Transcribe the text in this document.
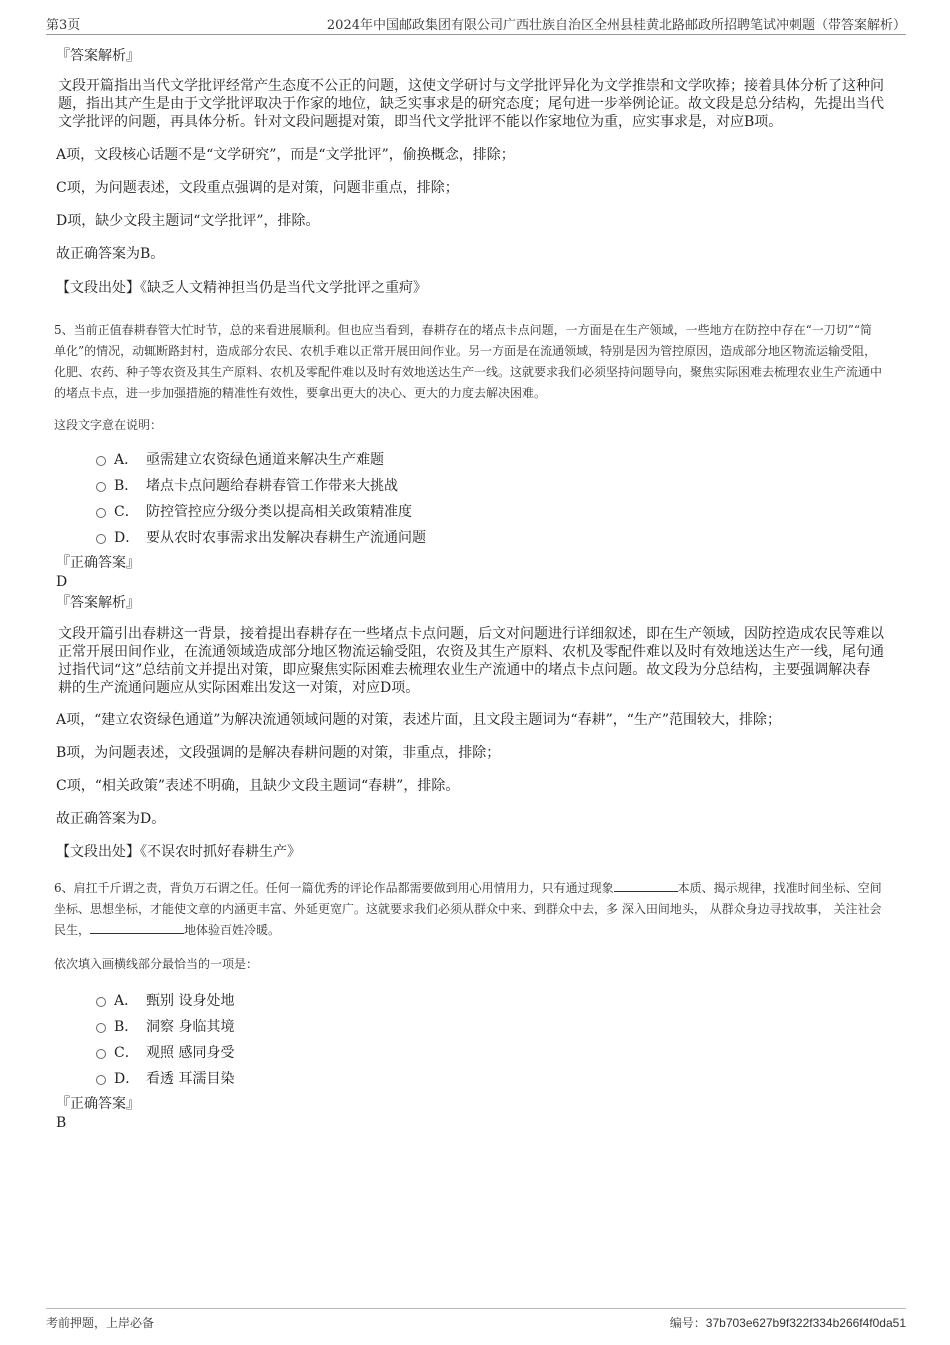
第3页	2024年中国邮政集团有限公司广西壮族自治区全州县桂黄北路邮政所招聘笔试冲刺题（带答案解析）

『答案解析』

文段开篇指出当代文学批评经常产生态度不公正的问题，这使文学研讨与文学批评异化为文学推崇和文学吹捧；接着具体分析了这种问题，指出其产生是由于文学批评取决于作家的地位，缺乏实事求是的研究态度；尾句进一步举例论证。故文段是总分结构，先提出当代文学批评的问题，再具体分析。针对文段问题提对策，即当代文学批评不能以作家地位为重，应实事求是，对应B项。

A项，文段核心话题不是“文学研究”，而是“文学批评”，偷换概念，排除；

C项，为问题表述，文段重点强调的是对策，问题非重点，排除；

D项，缺少文段主题词“文学批评”，排除。

故正确答案为B。

【文段出处】《缺乏人文精神担当仍是当代文学批评之重疴》

5、当前正值春耕春管大忙时节，总的来看进展顺利。但也应当看到，春耕存在的堵点卡点问题，一方面是在生产领域，一些地方在防控中存在“一刀切”“简单化”的情况，动辄断路封村，造成部分农民、农机手难以正常开展田间作业。另一方面是在流通领域，特别是因为管控原因，造成部分地区物流运输受阻，化肥、农药、种子等农资及其生产原料、农机及零配件难以及时有效地送达生产一线。这就要求我们必须坚持问题导向，聚焦实际困难去梳理农业生产流通中的堵点卡点，进一步加强措施的精准性有效性，要拿出更大的决心、更大的力度去解决困难。

这段文字意在说明：

A． 亟需建立农资绿色通道来解决生产难题
B． 堵点卡点问题给春耕春管工作带来大挑战
C． 防控管控应分级分类以提高相关政策精准度
D． 要从农时农事需求出发解决春耕生产流通问题

『正确答案』

D

『答案解析』

文段开篇引出春耕这一背景，接着提出春耕存在一些堵点卡点问题，后文对问题进行详细叙述，即在生产领域，因防控造成农民等难以正常开展田间作业，在流通领域造成部分地区物流运输受阻，农资及其生产原料、农机及零配件难以及时有效地送达生产一线，尾句通过指代词“这”总结前文并提出对策，即应聚焦实际困难去梳理农业生产流通中的堵点卡点问题。故文段为分总结构，主要强调解决春耕的生产流通问题应从实际困难出发这一对策，对应D项。

A项，“建立农资绿色通道”为解决流通领域问题的对策，表述片面，且文段主题词为“春耕”，“生产”范围较大，排除；

B项，为问题表述，文段强调的是解决春耕问题的对策，非重点，排除；

C项，“相关政策”表述不明确，且缺少文段主题词“春耕”，排除。

故正确答案为D。

【文段出处】《不误农时抓好春耕生产》

6、肩扛千斤谓之责，背负万石谓之任。任何一篇优秀的评论作品都需要做到用心用情用力，只有通过现象	本质、揭示规律，找准时间坐标、空间坐标、思想坐标，才能使文章的内涵更丰富、外延更宽广。这就要求我们必须从群众中来、到群众中去，多 深入田间地头， 从群众身边寻找故事， 关注社会民生，	地体验百姓冷暖。

依次填入画横线部分最恰当的一项是：

A． 甄别 设身处地
B． 洞察 身临其境
C． 观照 感同身受
D． 看透 耳濡目染

『正确答案』

B

考前押题，上岸必备	编号：37b703e627b9f322f334b266f4f0da51
